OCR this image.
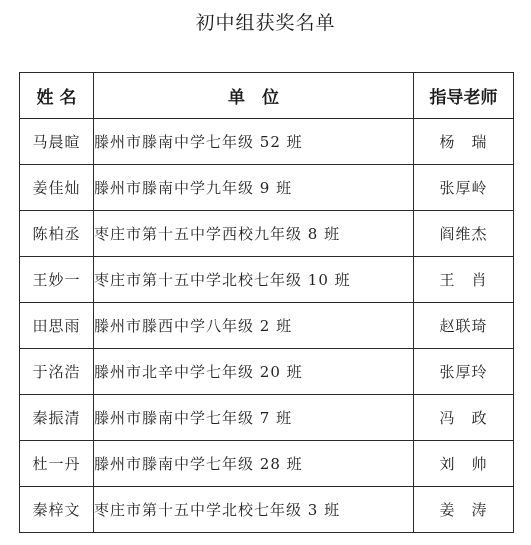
初中组获奖名单
姓 名	单　位	指导老师
马晨暄	滕州市滕南中学七年级 52 班	杨　瑞
姜佳灿	滕州市滕南中学九年级 9 班	张厚岭
陈柏丞	枣庄市第十五中学西校九年级 8 班	阎维杰
王妙一	枣庄市第十五中学北校七年级 10 班	王　肖
田思雨	滕州市滕西中学八年级 2 班	赵联琦
于洺浩	滕州市北辛中学七年级 20 班	张厚玲
秦振清	滕州市滕南中学七年级 7 班	冯　政
杜一丹	滕州市滕南中学七年级 28 班	刘　帅
秦梓文	枣庄市第十五中学北校七年级 3 班	姜　涛
